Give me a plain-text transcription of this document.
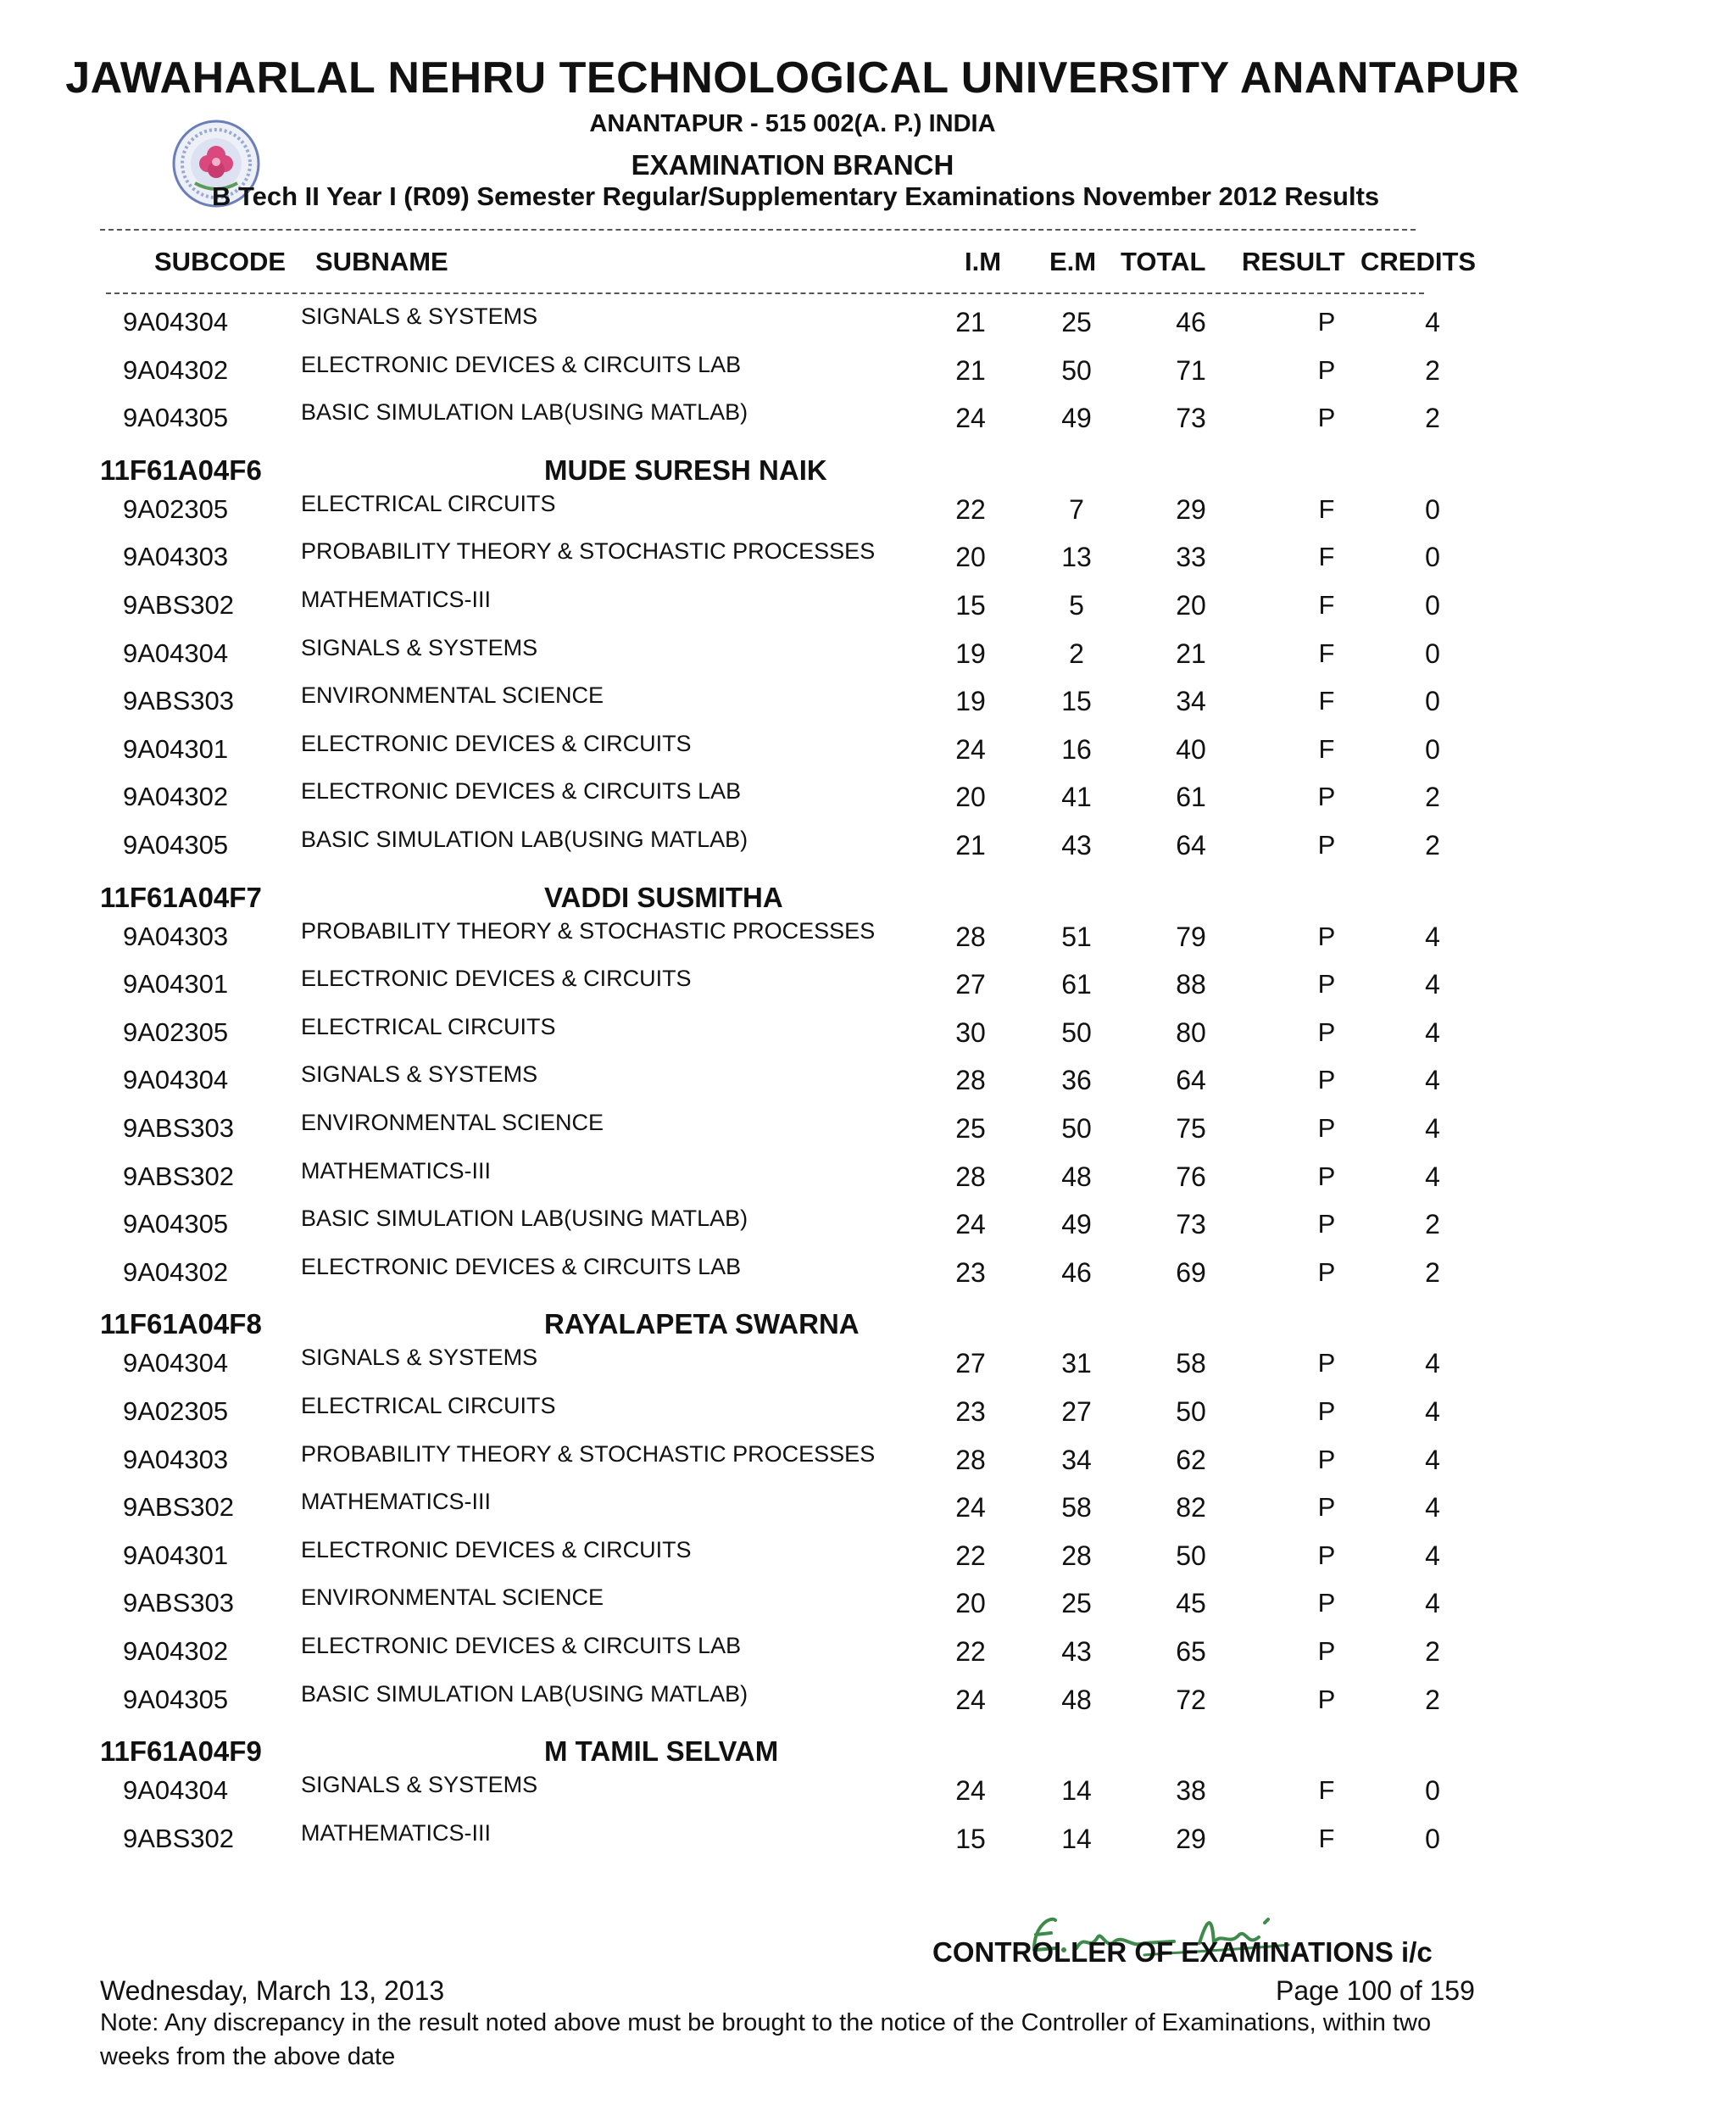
JAWAHARLAL NEHRU TECHNOLOGICAL UNIVERSITY ANANTAPUR
ANANTAPUR - 515 002(A. P.) INDIA
EXAMINATION BRANCH
B Tech II Year I (R09) Semester Regular/Supplementary Examinations November 2012 Results
SUBCODE SUBNAME	I.M E.M TOTAL RESULT CREDITS
9A04304	SIGNALS & SYSTEMS	21	25	46	P	4
9A04302	ELECTRONIC DEVICES & CIRCUITS LAB	21	50	71	P	2
9A04305	BASIC SIMULATION LAB(USING MATLAB)	24	49	73	P	2
11F61A04F6	MUDE SURESH NAIK
9A02305	ELECTRICAL CIRCUITS	22	7	29	F	0
9A04303	PROBABILITY THEORY & STOCHASTIC PROCESSES	20	13	33	F	0
9ABS302	MATHEMATICS-III	15	5	20	F	0
9A04304	SIGNALS & SYSTEMS	19	2	21	F	0
9ABS303	ENVIRONMENTAL SCIENCE	19	15	34	F	0
9A04301	ELECTRONIC DEVICES & CIRCUITS	24	16	40	F	0
9A04302	ELECTRONIC DEVICES & CIRCUITS LAB	20	41	61	P	2
9A04305	BASIC SIMULATION LAB(USING MATLAB)	21	43	64	P	2
11F61A04F7	VADDI SUSMITHA
9A04303	PROBABILITY THEORY & STOCHASTIC PROCESSES	28	51	79	P	4
9A04301	ELECTRONIC DEVICES & CIRCUITS	27	61	88	P	4
9A02305	ELECTRICAL CIRCUITS	30	50	80	P	4
9A04304	SIGNALS & SYSTEMS	28	36	64	P	4
9ABS303	ENVIRONMENTAL SCIENCE	25	50	75	P	4
9ABS302	MATHEMATICS-III	28	48	76	P	4
9A04305	BASIC SIMULATION LAB(USING MATLAB)	24	49	73	P	2
9A04302	ELECTRONIC DEVICES & CIRCUITS LAB	23	46	69	P	2
11F61A04F8	RAYALAPETA SWARNA
9A04304	SIGNALS & SYSTEMS	27	31	58	P	4
9A02305	ELECTRICAL CIRCUITS	23	27	50	P	4
9A04303	PROBABILITY THEORY & STOCHASTIC PROCESSES	28	34	62	P	4
9ABS302	MATHEMATICS-III	24	58	82	P	4
9A04301	ELECTRONIC DEVICES & CIRCUITS	22	28	50	P	4
9ABS303	ENVIRONMENTAL SCIENCE	20	25	45	P	4
9A04302	ELECTRONIC DEVICES & CIRCUITS LAB	22	43	65	P	2
9A04305	BASIC SIMULATION LAB(USING MATLAB)	24	48	72	P	2
11F61A04F9	M TAMIL SELVAM
9A04304	SIGNALS & SYSTEMS	24	14	38	F	0
9ABS302	MATHEMATICS-III	15	14	29	F	0
CONTROLLER OF EXAMINATIONS i/c
Wednesday, March 13, 2013	Page 100 of 159
Note: Any discrepancy in the result noted above must be brought to the notice of the Controller of Examinations, within two
weeks from the above date
